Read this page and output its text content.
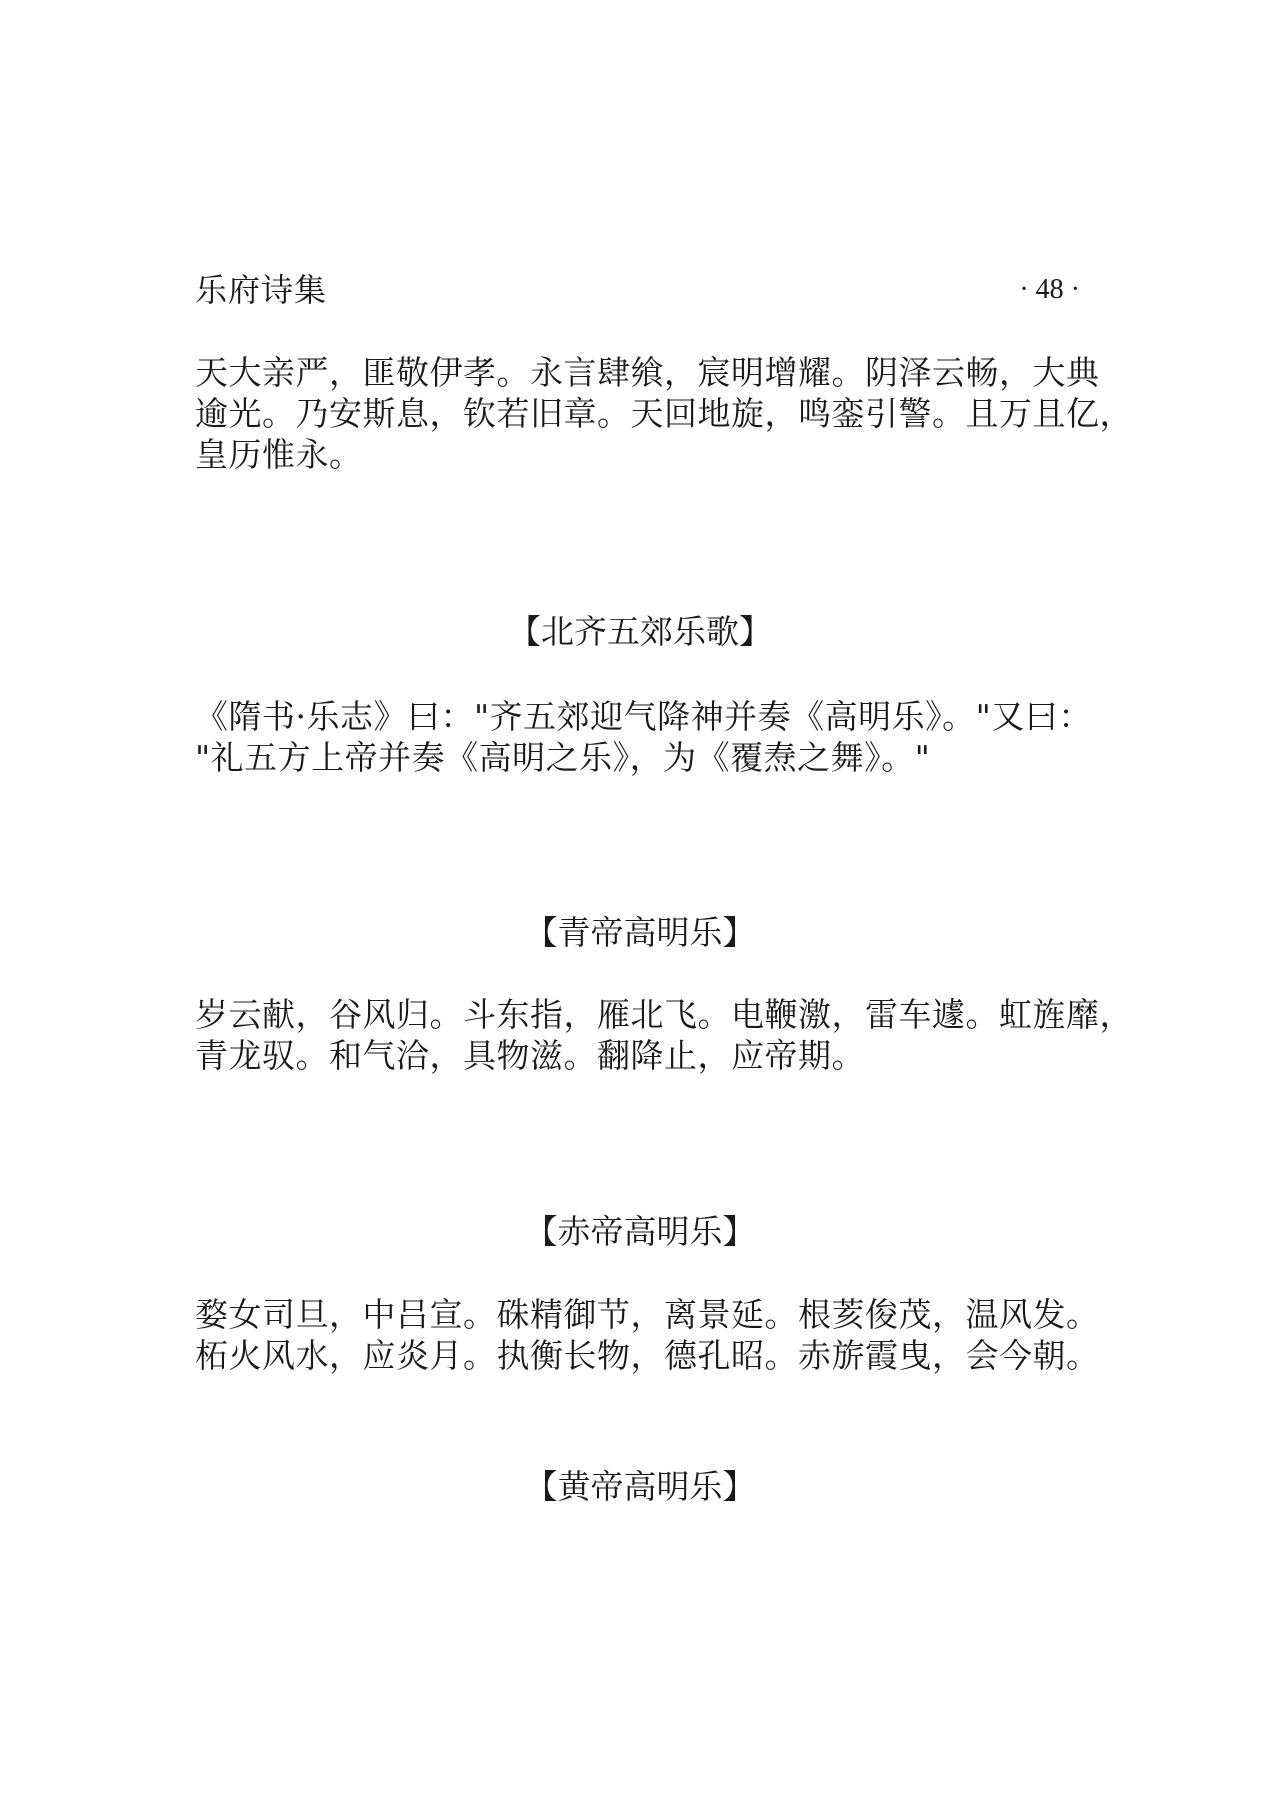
乐府诗集	· 48 ·

天大亲严，匪敬伊孝。永言肆飨，宸明增耀。阴泽云畅，大典
逾光。乃安斯息，钦若旧章。天回地旋，鸣銮引警。且万且亿，
皇历惟永。

【北齐五郊乐歌】

《隋书·乐志》曰："齐五郊迎气降神并奏《高明乐》。"又曰：
"礼五方上帝并奏《高明之乐》，为《覆焘之舞》。"

【青帝高明乐】

岁云献，谷风归。斗东指，雁北飞。电鞭激，雷车遽。虹旌靡，
青龙驭。和气洽，具物滋。翻降止，应帝期。

【赤帝高明乐】

婺女司旦，中吕宣。硃精御节，离景延。根荄俊茂，温风发。
柘火风水，应炎月。执衡长物，德孔昭。赤旂霞曳，会今朝。

【黄帝高明乐】
